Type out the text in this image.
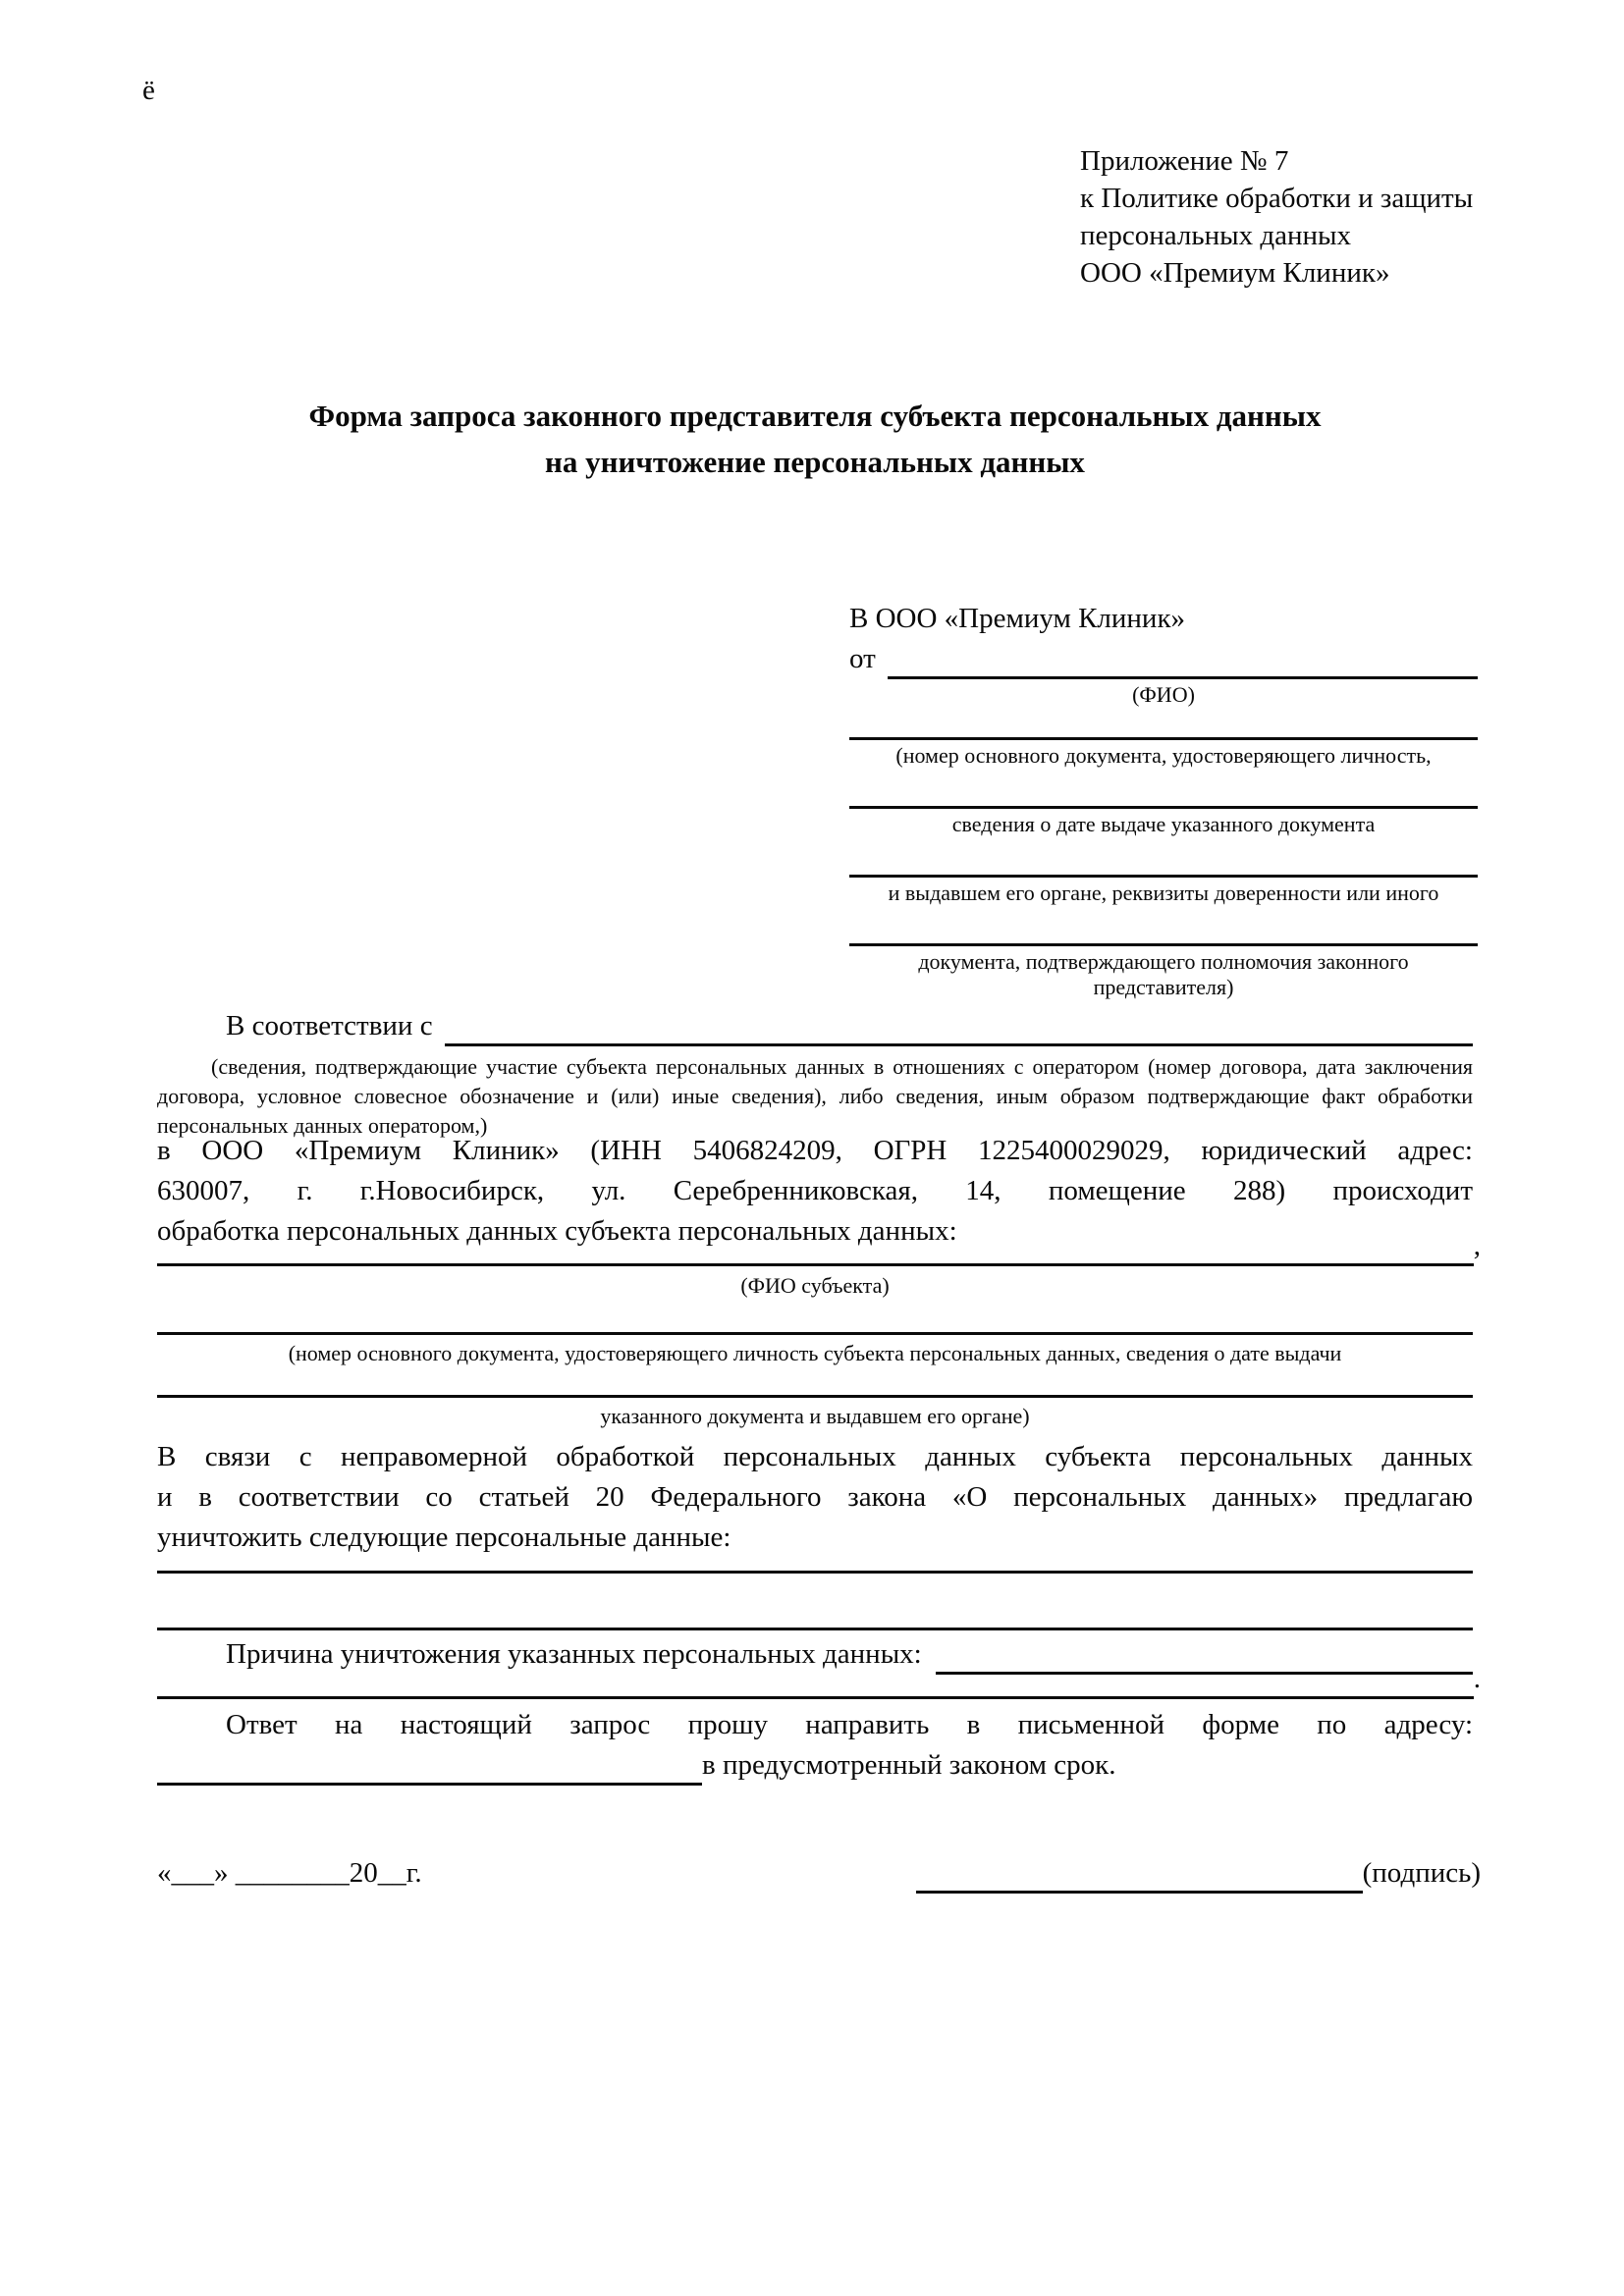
ё
Приложение № 7
к Политике обработки и защиты
персональных данных
ООО «Премиум Клиник»
Форма запроса законного представителя субъекта персональных данных
на уничтожение персональных данных
В ООО «Премиум Клиник»
от
(ФИО)
(номер основного документа, удостоверяющего личность,
сведения о дате выдаче указанного документа
и выдавшем его органе, реквизиты доверенности или иного
документа, подтверждающего полномочия законного представителя)
В соответствии с
(сведения, подтверждающие участие субъекта персональных данных в отношениях с оператором (номер договора, дата заключения договора, условное словесное обозначение и (или) иные сведения), либо сведения, иным образом подтверждающие факт обработки персональных данных оператором,)
в ООО «Премиум Клиник» (ИНН 5406824209, ОГРН 1225400029029, юридический адрес:
630007, г. г.Новосибирск, ул. Серебренниковская, 14, помещение 288) происходит
обработка персональных данных субъекта персональных данных:	,
(ФИО субъекта)
(номер основного документа, удостоверяющего личность субъекта персональных данных, сведения о дате выдачи
указанного документа и выдавшем его органе)
В связи с неправомерной обработкой персональных данных субъекта персональных данных
и в соответствии со статьей 20 Федерального закона «О персональных данных» предлагаю
уничтожить следующие персональные данные:
Причина уничтожения указанных персональных данных:
.
Ответ на настоящий запрос прошу направить в письменной форме по адресу:
в предусмотренный законом срок.
«___» ________20__г.	(подпись)
